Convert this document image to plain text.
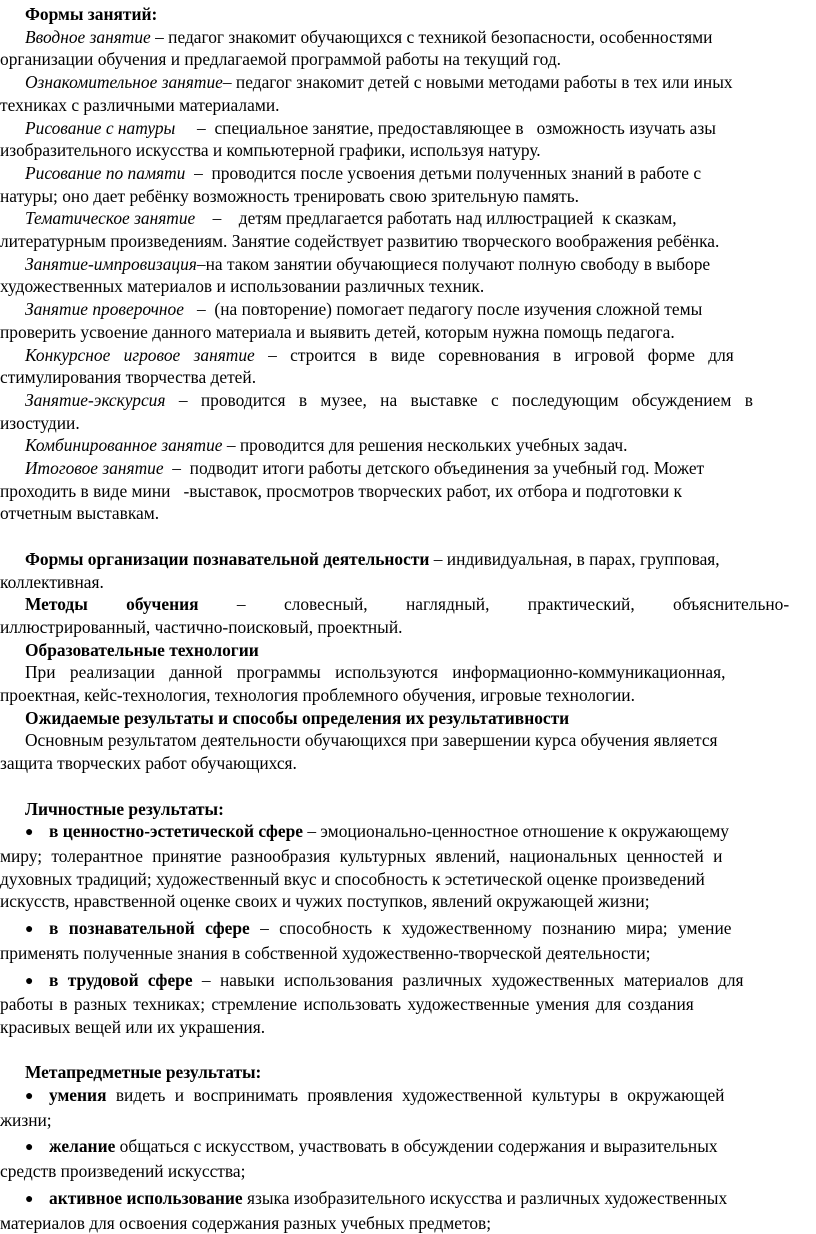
Формы занятий:

Вводное занятие – педагог знакомит обучающихся с техникой безопасности, особенностями

организации обучения и предлагаемой программой работы на текущий год.

Ознакомительное занятие– педагог знакомит детей с новыми методами работы в тех или иных

техниках с различными материалами.

Рисование с натуры     –  специальное занятие, предоставляющее в   озможность изучать азы

изобразительного искусства и компьютерной графики, используя натуру.

Рисование по памяти  –  проводится после усвоения детьми полученных знаний в работе с

натуры; оно дает ребёнку возможность тренировать свою зрительную память.

Тематическое занятие    –    детям предлагается работать над иллюстрацией  к сказкам,

литературным произведениям. Занятие содействует развитию творческого воображения ребёнка.

Занятие-импровизация–на таком занятии обучающиеся получают полную свободу в выборе

художественных материалов и использовании различных техник.

Занятие проверочное   –  (на повторение) помогает педагогу после изучения сложной темы

проверить усвоение данного материала и выявить детей, которым нужна помощь педагога.

Конкурсное игровое занятие – строится в виде соревнования в игровой форме для

стимулирования творчества детей.

Занятие-экскурсия – проводится в музее, на выставке с последующим обсуждением в

изостудии.

Комбинированное занятие – проводится для решения нескольких учебных задач.

Итоговое занятие  –  подводит итоги работы детского объединения за учебный год. Может

проходить в виде мини   -выставок, просмотров творческих работ, их отбора и подготовки к

отчетным выставкам.

Формы организации познавательной деятельности – индивидуальная, в парах, групповая,

коллективная.

Методы обучения – словесный, наглядный, практический, объяснительно-

иллюстрированный, частично-поисковый, проектный.

Образовательные технологии

При реализации данной программы используются информационно-коммуникационная,

проектная, кейс-технология, технология проблемного обучения, игровые технологии.

Ожидаемые результаты и способы определения их результативности

Основным результатом деятельности обучающихся при завершении курса обучения является

защита творческих работ обучающихся.

Личностные результаты:

● в ценностно-эстетической сфере – эмоционально-ценностное отношение к окружающему

миру; толерантное принятие разнообразия культурных явлений, национальных ценностей и

духовных традиций; художественный вкус и способность к эстетической оценке произведений

искусств, нравственной оценке своих и чужих поступков, явлений окружающей жизни;

● в познавательной сфере – способность к художественному познанию мира; умение

применять полученные знания в собственной художественно-творческой деятельности;

● в трудовой сфере – навыки использования различных художественных материалов для

работы в разных техниках; стремление использовать художественные умения для создания

красивых вещей или их украшения.

Метапредметные результаты:

● умения видеть и воспринимать проявления художественной культуры в окружающей

жизни;

● желание общаться с искусством, участвовать в обсуждении содержания и выразительных

средств произведений искусства;

● активное использование языка изобразительного искусства и различных художественных

материалов для освоения содержания разных учебных предметов;
